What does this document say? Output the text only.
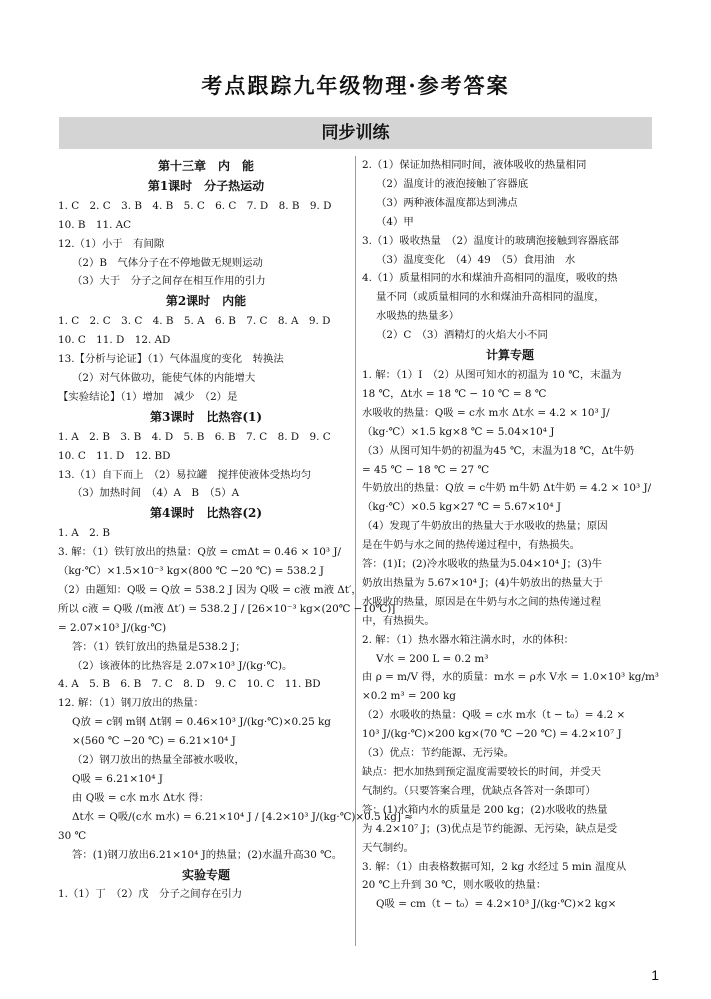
考点跟踪九年级物理·参考答案
同步训练
第十三章　内　能
第1课时　分子热运动
1. C　2. C　3. B　4. B　5. C　6. C　7. D　8. B　9. D
10. B　11. AC
12.（1）小于　有间隙
（2）B　气体分子在不停地做无规则运动
（3）大于　分子之间存在相互作用的引力
第2课时　内能
1. C　2. C　3. C　4. B　5. A　6. B　7. C　8. A　9. D
10. C　11. D　12. AD
13.【分析与论证】（1）气体温度的变化　转换法
（2）对气体做功，能使气体的内能增大
【实验结论】（1）增加　减少　（2）是
第3课时　比热容(1)
1. A　2. B　3. B　4. D　5. B　6. B　7. C　8. D　9. C
10. C　11. D　12. BD
13.（1）自下而上　（2）易拉罐　搅拌使液体受热均匀
（3）加热时间　（4）A　B　（5）A
第4课时　比热容(2)
1. A　2. B
3. 解：（1）铁钉放出的热量：Q放 = cmΔt = 0.46 × 10³ J/
（kg·℃）×1.5×10⁻³ kg×(800 ℃ −20 ℃) = 538.2 J
（2）由题知：Q吸 = Q放 = 538.2 J 因为 Q吸 = c液 m液 Δt′，
所以 c液 = Q吸 /(m液 Δt′) = 538.2 J / [26×10⁻³ kg×(20℃ −10℃)]
= 2.07×10³ J/(kg·℃)
答：（1）铁钉放出的热量是538.2 J；
（2）该液体的比热容是 2.07×10³ J/(kg·℃)。
4. A　5. B　6. B　7. C　8. D　9. C　10. C　11. BD
12. 解：（1）钢刀放出的热量：
Q放 = c钢 m钢 Δt钢 = 0.46×10³ J/(kg·℃)×0.25 kg
×(560 ℃ −20 ℃) = 6.21×10⁴ J
（2）钢刀放出的热量全部被水吸收，
Q吸 = 6.21×10⁴ J
由 Q吸 = c水 m水 Δt水 得：
Δt水 = Q吸/(c水 m水) = 6.21×10⁴ J / [4.2×10³ J/(kg·℃)×0.5 kg] ≈
30 ℃
答：(1)钢刀放出6.21×10⁴ J的热量；(2)水温升高30 ℃。
实验专题
1.（1）丁　（2）戊　分子之间存在引力
2.（1）保证加热相同时间，液体吸收的热量相同
（2）温度计的液泡接触了容器底
（3）两种液体温度都达到沸点
（4）甲
3.（1）吸收热量　（2）温度计的玻璃泡接触到容器底部
（3）温度变化　（4）49　（5）食用油　水
4.（1）质量相同的水和煤油升高相同的温度，吸收的热
量不同（或质量相同的水和煤油升高相同的温度，
水吸热的热量多）
（2）C　（3）酒精灯的火焰大小不同
计算专题
1. 解：（1）Ⅰ　（2）从图可知水的初温为 10 ℃，末温为
18 ℃，Δt水 = 18 ℃ − 10 ℃ = 8 ℃
水吸收的热量：Q吸 = c水 m水 Δt水 = 4.2 × 10³ J/
（kg·℃）×1.5 kg×8 ℃ = 5.04×10⁴ J
（3）从图可知牛奶的初温为45 ℃，末温为18 ℃，Δt牛奶
= 45 ℃ − 18 ℃ = 27 ℃
牛奶放出的热量：Q放 = c牛奶 m牛奶 Δt牛奶 = 4.2 × 10³ J/
（kg·℃）×0.5 kg×27 ℃ = 5.67×10⁴ J
（4）发现了牛奶放出的热量大于水吸收的热量；原因
是在牛奶与水之间的热传递过程中，有热损失。
答：(1)Ⅰ；(2)冷水吸收的热量为5.04×10⁴ J；(3)牛
奶放出热量为 5.67×10⁴ J；(4)牛奶放出的热量大于
水吸收的热量，原因是在牛奶与水之间的热传递过程
中，有热损失。
2. 解：（1）热水器水箱注满水时，水的体积：
V水 = 200 L = 0.2 m³
由 ρ = m/V 得，水的质量：m水 = ρ水 V水 = 1.0×10³ kg/m³
×0.2 m³ = 200 kg
（2）水吸收的热量：Q吸 = c水 m水（t − t₀）= 4.2 ×
10³ J/(kg·℃)×200 kg×(70 ℃ −20 ℃) = 4.2×10⁷ J
（3）优点：节约能源、无污染。
缺点：把水加热到预定温度需要较长的时间，并受天
气制约。（只要答案合理，优缺点各答对一条即可）
答：(1)水箱内水的质量是 200 kg；(2)水吸收的热量
为 4.2×10⁷ J；(3)优点是节约能源、无污染，缺点是受
天气制约。
3. 解：（1）由表格数据可知，2 kg 水经过 5 min 温度从
20 ℃上升到 30 ℃，则水吸收的热量：
Q吸 = cm（t − t₀）= 4.2×10³ J/(kg·℃)×2 kg×
1
